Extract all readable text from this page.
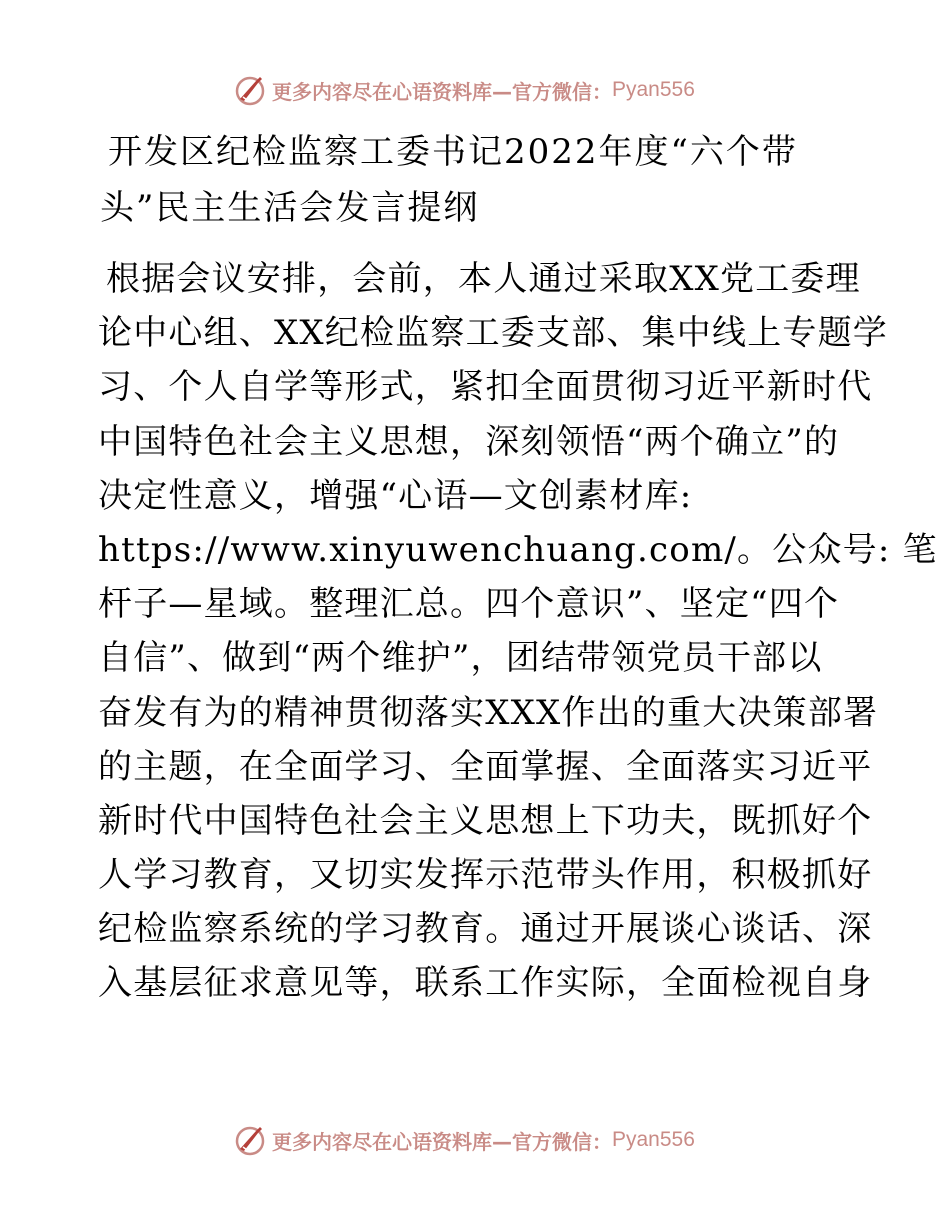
更多内容尽在心语资料库—官方微信： Pyan556
开发区纪检监察工委书记2022年度“六个带
头”民主生活会发言提纲
根据会议安排，会前，本人通过采取XX党工委理
论中心组、XX纪检监察工委支部、集中线上专题学
习、个人自学等形式，紧扣全面贯彻习近平新时代
中国特色社会主义思想，深刻领悟“两个确立”的
决定性意义，增强“心语—文创素材库:
https://www.xinyuwenchuang.com/。公众号: 笔
杆子—星域。整理汇总。四个意识”、坚定“四个
自信”、做到“两个维护”，团结带领党员干部以
奋发有为的精神贯彻落实XXX作出的重大决策部署
的主题，在全面学习、全面掌握、全面落实习近平
新时代中国特色社会主义思想上下功夫，既抓好个
人学习教育，又切实发挥示范带头作用，积极抓好
纪检监察系统的学习教育。通过开展谈心谈话、深
入基层征求意见等，联系工作实际，全面检视自身
更多内容尽在心语资料库—官方微信： Pyan556
